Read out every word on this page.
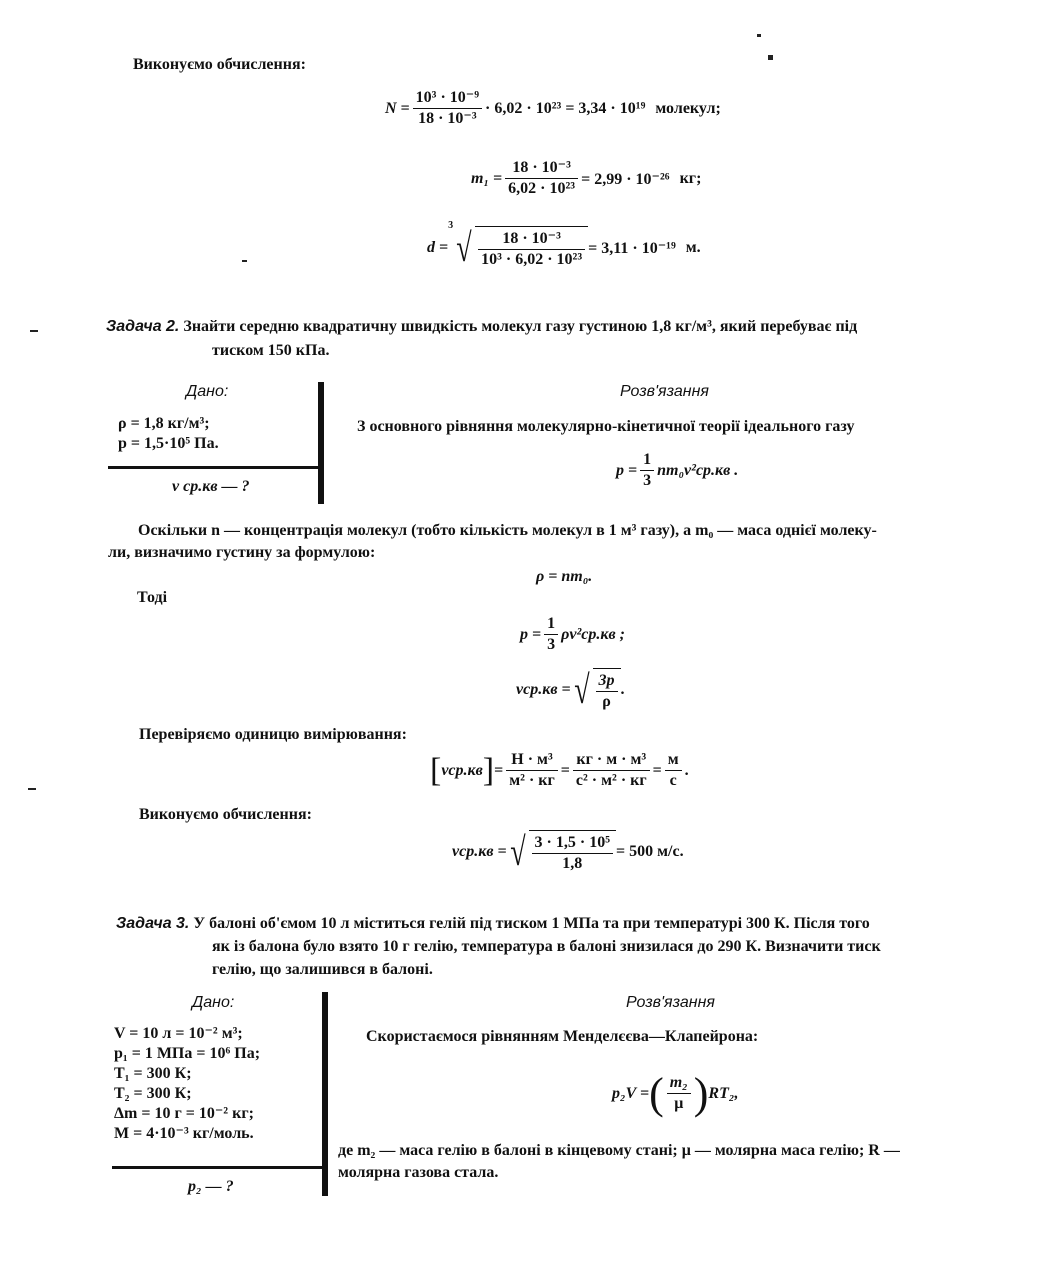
Виконуємо обчислення:
$N = \frac{\text{10³ · 10⁻⁹}}{\text{18 · 10⁻³}} \cdot 6,02 \cdot 10^{23} = 3,34 \cdot 10^{19}$ молекул;
$m_1 = \frac{\text{18 · 10⁻³}}{\text{6,02 · 10²³}} = 2,99 \cdot 10^{-26}$ кг;
d =
3 √ $\frac{\text{18 · 10⁻³}}{\text{10³ · 6,02 · 10²³}} = 3,11 \cdot 10^{-19}$ м.
Задача 2. Знайти середню квадратичну швидкість молекул газу густиною 1,8 кг/м³, який перебуває під
тиском 150 кПа.
Дано:
ρ = 1,8 кг/м³;
p = 1,5·10⁵ Па.
v ср.кв — ?
Розв'язання
З основного рівняння молекулярно-кінетичної теорії ідеального газу
$p = \frac{1}{3} nm_0v^2ср.кв$ .
Оскільки n — концентрація молекул (тобто кількість молекул в 1 м³ газу), а m₀ — маса однієї молеку-
ли, визначимо густину за формулою:
ρ = nm₀.
Тоді
$p = \frac{1}{3} \rho v^2ср.кв$ ;
vср.кв = √ $\frac{3p}{\rho}$ .
Перевіряємо одиницю вимірювання:
[ vср.кв ] = $\frac{\text{Н · м³}}{\text{м² · кг}} = \frac{\text{кг · м · м³}}{\text{с² · м² · кг}} = \frac{м}{с}$ .
Виконуємо обчислення:
vср.кв = √ $\frac{\text{3 · 1,5 · 10⁵}}{1,8} = 500$ м/с.
Задача 3. У балоні об'ємом 10 л міститься гелій під тиском 1 МПа та при температурі 300 К. Після того
як із балона було взято 10 г гелію, температура в балоні знизилася до 290 К. Визначити тиск
гелію, що залишився в балоні.
Дано:
V = 10 л = 10⁻² м³;
p₁ = 1 МПа = 10⁶ Па;
T₁ = 300 К;
T₂ = 300 К;
Δm = 10 г = 10⁻² кг;
M = 4·10⁻³ кг/моль.
p₂ — ?
Розв'язання
Скористаємося рівнянням Менделєєва—Клапейрона:
p₂V = ( $\frac{\text{m₂}}{\mu}$ ) RT₂,
де m₂ — маса гелію в балоні в кінцевому стані; μ — молярна маса гелію; R —
молярна газова стала.
